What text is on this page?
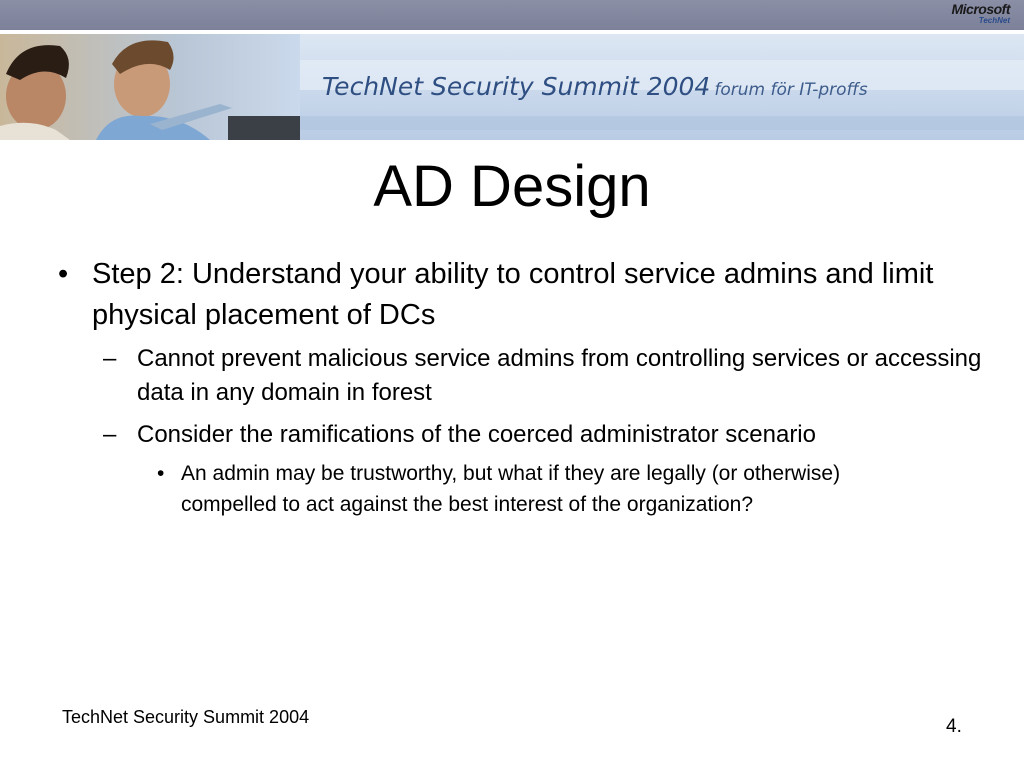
Microsoft
TechNet
TechNet Security Summit 2004 forum för IT-proffs
AD Design
• Step 2: Understand your ability to control service admins and limit physical placement of DCs
– Cannot prevent malicious service admins from controlling services or accessing data in any domain in forest
– Consider the ramifications of the coerced administrator scenario
• An admin may be trustworthy, but what if they are legally (or otherwise) compelled to act against the best interest of the organization?
TechNet Security Summit 2004	4.
